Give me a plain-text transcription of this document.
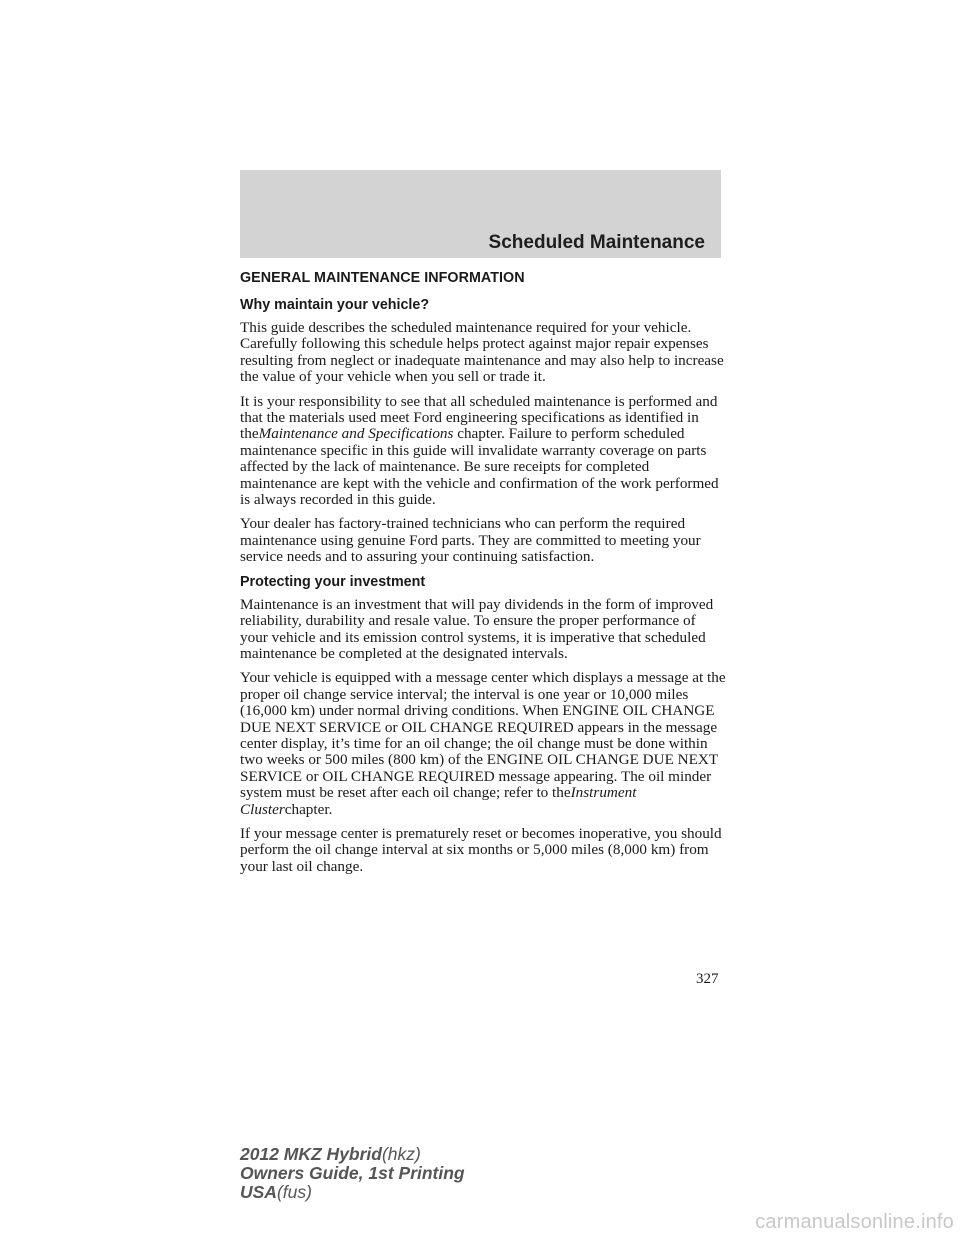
Scheduled Maintenance
GENERAL MAINTENANCE INFORMATION
Why maintain your vehicle?

This guide describes the scheduled maintenance required for your vehicle. Carefully following this schedule helps protect against major repair expenses resulting from neglect or inadequate maintenance and may also help to increase the value of your vehicle when you sell or trade it.

It is your responsibility to see that all scheduled maintenance is performed and that the materials used meet Ford engineering specifications as identified in theMaintenance and Specifications chapter. Failure to perform scheduled maintenance specific in this guide will invalidate warranty coverage on parts affected by the lack of maintenance. Be sure receipts for completed maintenance are kept with the vehicle and confirmation of the work performed is always recorded in this guide.

Your dealer has factory-trained technicians who can perform the required maintenance using genuine Ford parts. They are committed to meeting your service needs and to assuring your continuing satisfaction.

Protecting your investment

Maintenance is an investment that will pay dividends in the form of improved reliability, durability and resale value. To ensure the proper performance of your vehicle and its emission control systems, it is imperative that scheduled maintenance be completed at the designated intervals.

Your vehicle is equipped with a message center which displays a message at the proper oil change service interval; the interval is one year or 10,000 miles (16,000 km) under normal driving conditions. When ENGINE OIL CHANGE DUE NEXT SERVICE or OIL CHANGE REQUIRED appears in the message center display, it’s time for an oil change; the oil change must be done within two weeks or 500 miles (800 km) of the ENGINE OIL CHANGE DUE NEXT SERVICE or OIL CHANGE REQUIRED message appearing. The oil minder system must be reset after each oil change; refer to theInstrument Clusterchapter.

If your message center is prematurely reset or becomes inoperative, you should perform the oil change interval at six months or 5,000 miles (8,000 km) from your last oil change.

327
2012 MKZ Hybrid(hkz)
Owners Guide, 1st Printing
USA(fus)
carmanualsonline.info
